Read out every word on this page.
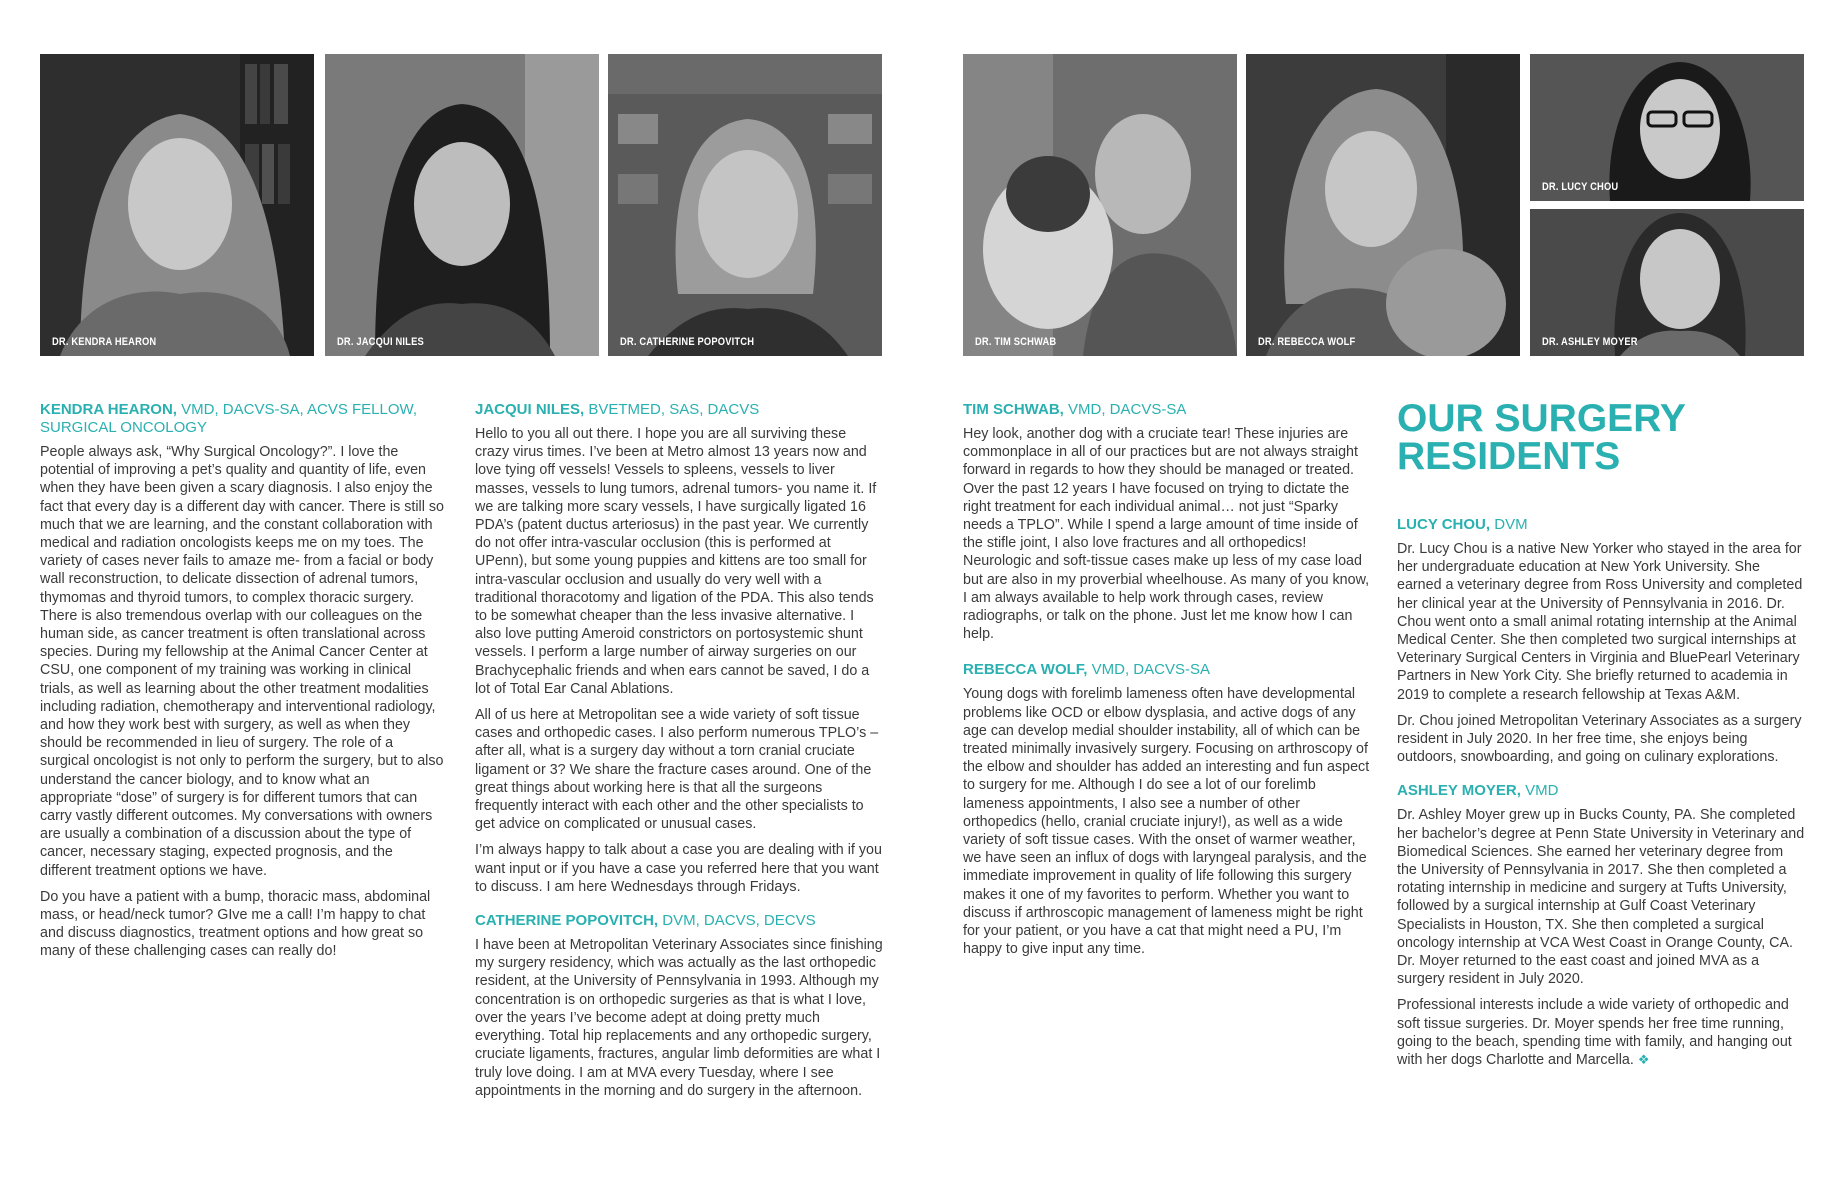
DR. KENDRA HEARON	DR. JACQUI NILES	DR. CATHERINE POPOVITCH	DR. TIM SCHWAB	DR. REBECCA WOLF
DR. LUCY CHOU
DR. ASHLEY MOYER
KENDRA HEARON, VMD, DACVS-SA, ACVS FELLOW, SURGICAL ONCOLOGY

People always ask, “Why Surgical Oncology?”. I love the potential of improving a pet’s quality and quantity of life, even when they have been given a scary diagnosis. I also enjoy the fact that every day is a different day with cancer. There is still so much that we are learning, and the constant collaboration with medical and radiation oncologists keeps me on my toes. The variety of cases never fails to amaze me- from a facial or body wall reconstruction, to delicate dissection of adrenal tumors, thymomas and thyroid tumors, to complex thoracic surgery. There is also tremendous overlap with our colleagues on the human side, as cancer treatment is often translational across species. During my fellowship at the Animal Cancer Center at CSU, one component of my training was working in clinical trials, as well as learning about the other treatment modalities including radiation, chemotherapy and interventional radiology, and how they work best with surgery, as well as when they should be recommended in lieu of surgery. The role of a surgical oncologist is not only to perform the surgery, but to also understand the cancer biology, and to know what an appropriate “dose” of surgery is for different tumors that can carry vastly different outcomes. My conversations with owners are usually a combination of a discussion about the type of cancer, necessary staging, expected prognosis, and the different treatment options we have.

Do you have a patient with a bump, thoracic mass, abdominal mass, or head/neck tumor? GIve me a call! I’m happy to chat and discuss diagnostics, treatment options and how great so many of these challenging cases can really do!

JACQUI NILES, BVETMED, SAS, DACVS

Hello to you all out there. I hope you are all surviving these crazy virus times. I’ve been at Metro almost 13 years now and love tying off vessels! Vessels to spleens, vessels to liver masses, vessels to lung tumors, adrenal tumors- you name it. If we are talking more scary vessels, I have surgically ligated 16 PDA’s (patent ductus arteriosus) in the past year. We currently do not offer intra-vascular occlusion (this is performed at UPenn), but some young puppies and kittens are too small for intra-vascular occlusion and usually do very well with a traditional thoracotomy and ligation of the PDA. This also tends to be somewhat cheaper than the less invasive alternative. I also love putting Ameroid constrictors on portosystemic shunt vessels. I perform a large number of airway surgeries on our Brachycephalic friends and when ears cannot be saved, I do a lot of Total Ear Canal Ablations.

All of us here at Metropolitan see a wide variety of soft tissue cases and orthopedic cases. I also perform numerous TPLO’s – after all, what is a surgery day without a torn cranial cruciate ligament or 3? We share the fracture cases around. One of the great things about working here is that all the surgeons frequently interact with each other and the other specialists to get advice on complicated or unusual cases.

I’m always happy to talk about a case you are dealing with if you want input or if you have a case you referred here that you want to discuss. I am here Wednesdays through Fridays.

CATHERINE POPOVITCH, DVM, DACVS, DECVS

I have been at Metropolitan Veterinary Associates since finishing my surgery residency, which was actually as the last orthopedic resident, at the University of Pennsylvania in 1993. Although my concentration is on orthopedic surgeries as that is what I love, over the years I’ve become adept at doing pretty much everything. Total hip replacements and any orthopedic surgery, cruciate ligaments, fractures, angular limb deformities are what I truly love doing. I am at MVA every Tuesday, where I see appointments in the morning and do surgery in the afternoon.

TIM SCHWAB, VMD, DACVS-SA

Hey look, another dog with a cruciate tear! These injuries are commonplace in all of our practices but are not always straight forward in regards to how they should be managed or treated. Over the past 12 years I have focused on trying to dictate the right treatment for each individual animal… not just “Sparky needs a TPLO”. While I spend a large amount of time inside of the stifle joint, I also love fractures and all orthopedics! Neurologic and soft-tissue cases make up less of my case load but are also in my proverbial wheelhouse. As many of you know, I am always available to help work through cases, review radiographs, or talk on the phone. Just let me know how I can help.

REBECCA WOLF, VMD, DACVS-SA

Young dogs with forelimb lameness often have developmental problems like OCD or elbow dysplasia, and active dogs of any age can develop medial shoulder instability, all of which can be treated minimally invasively surgery. Focusing on arthroscopy of the elbow and shoulder has added an interesting and fun aspect to surgery for me. Although I do see a lot of our forelimb lameness appointments, I also see a number of other orthopedics (hello, cranial cruciate injury!), as well as a wide variety of soft tissue cases. With the onset of warmer weather, we have seen an influx of dogs with laryngeal paralysis, and the immediate improvement in quality of life following this surgery makes it one of my favorites to perform. Whether you want to discuss if arthroscopic management of lameness might be right for your patient, or you have a cat that might need a PU, I’m happy to give input any time.

OUR SURGERY
RESIDENTS
LUCY CHOU, DVM

Dr. Lucy Chou is a native New Yorker who stayed in the area for her undergraduate education at New York University. She earned a veterinary degree from Ross University and completed her clinical year at the University of Pennsylvania in 2016. Dr. Chou went onto a small animal rotating internship at the Animal Medical Center. She then completed two surgical internships at Veterinary Surgical Centers in Virginia and BluePearl Veterinary Partners in New York City. She briefly returned to academia in 2019 to complete a research fellowship at Texas A&M.

Dr. Chou joined Metropolitan Veterinary Associates as a surgery resident in July 2020. In her free time, she enjoys being outdoors, snowboarding, and going on culinary explorations.

ASHLEY MOYER, VMD

Dr. Ashley Moyer grew up in Bucks County, PA. She completed her bachelor’s degree at Penn State University in Veterinary and Biomedical Sciences. She earned her veterinary degree from the University of Pennsylvania in 2017. She then completed a rotating internship in medicine and surgery at Tufts University, followed by a surgical internship at Gulf Coast Veterinary Specialists in Houston, TX. She then completed a surgical oncology internship at VCA West Coast in Orange County, CA. Dr. Moyer returned to the east coast and joined MVA as a surgery resident in July 2020.

Professional interests include a wide variety of orthopedic and soft tissue surgeries. Dr. Moyer spends her free time running, going to the beach, spending time with family, and hanging out with her dogs Charlotte and Marcella. ❖
